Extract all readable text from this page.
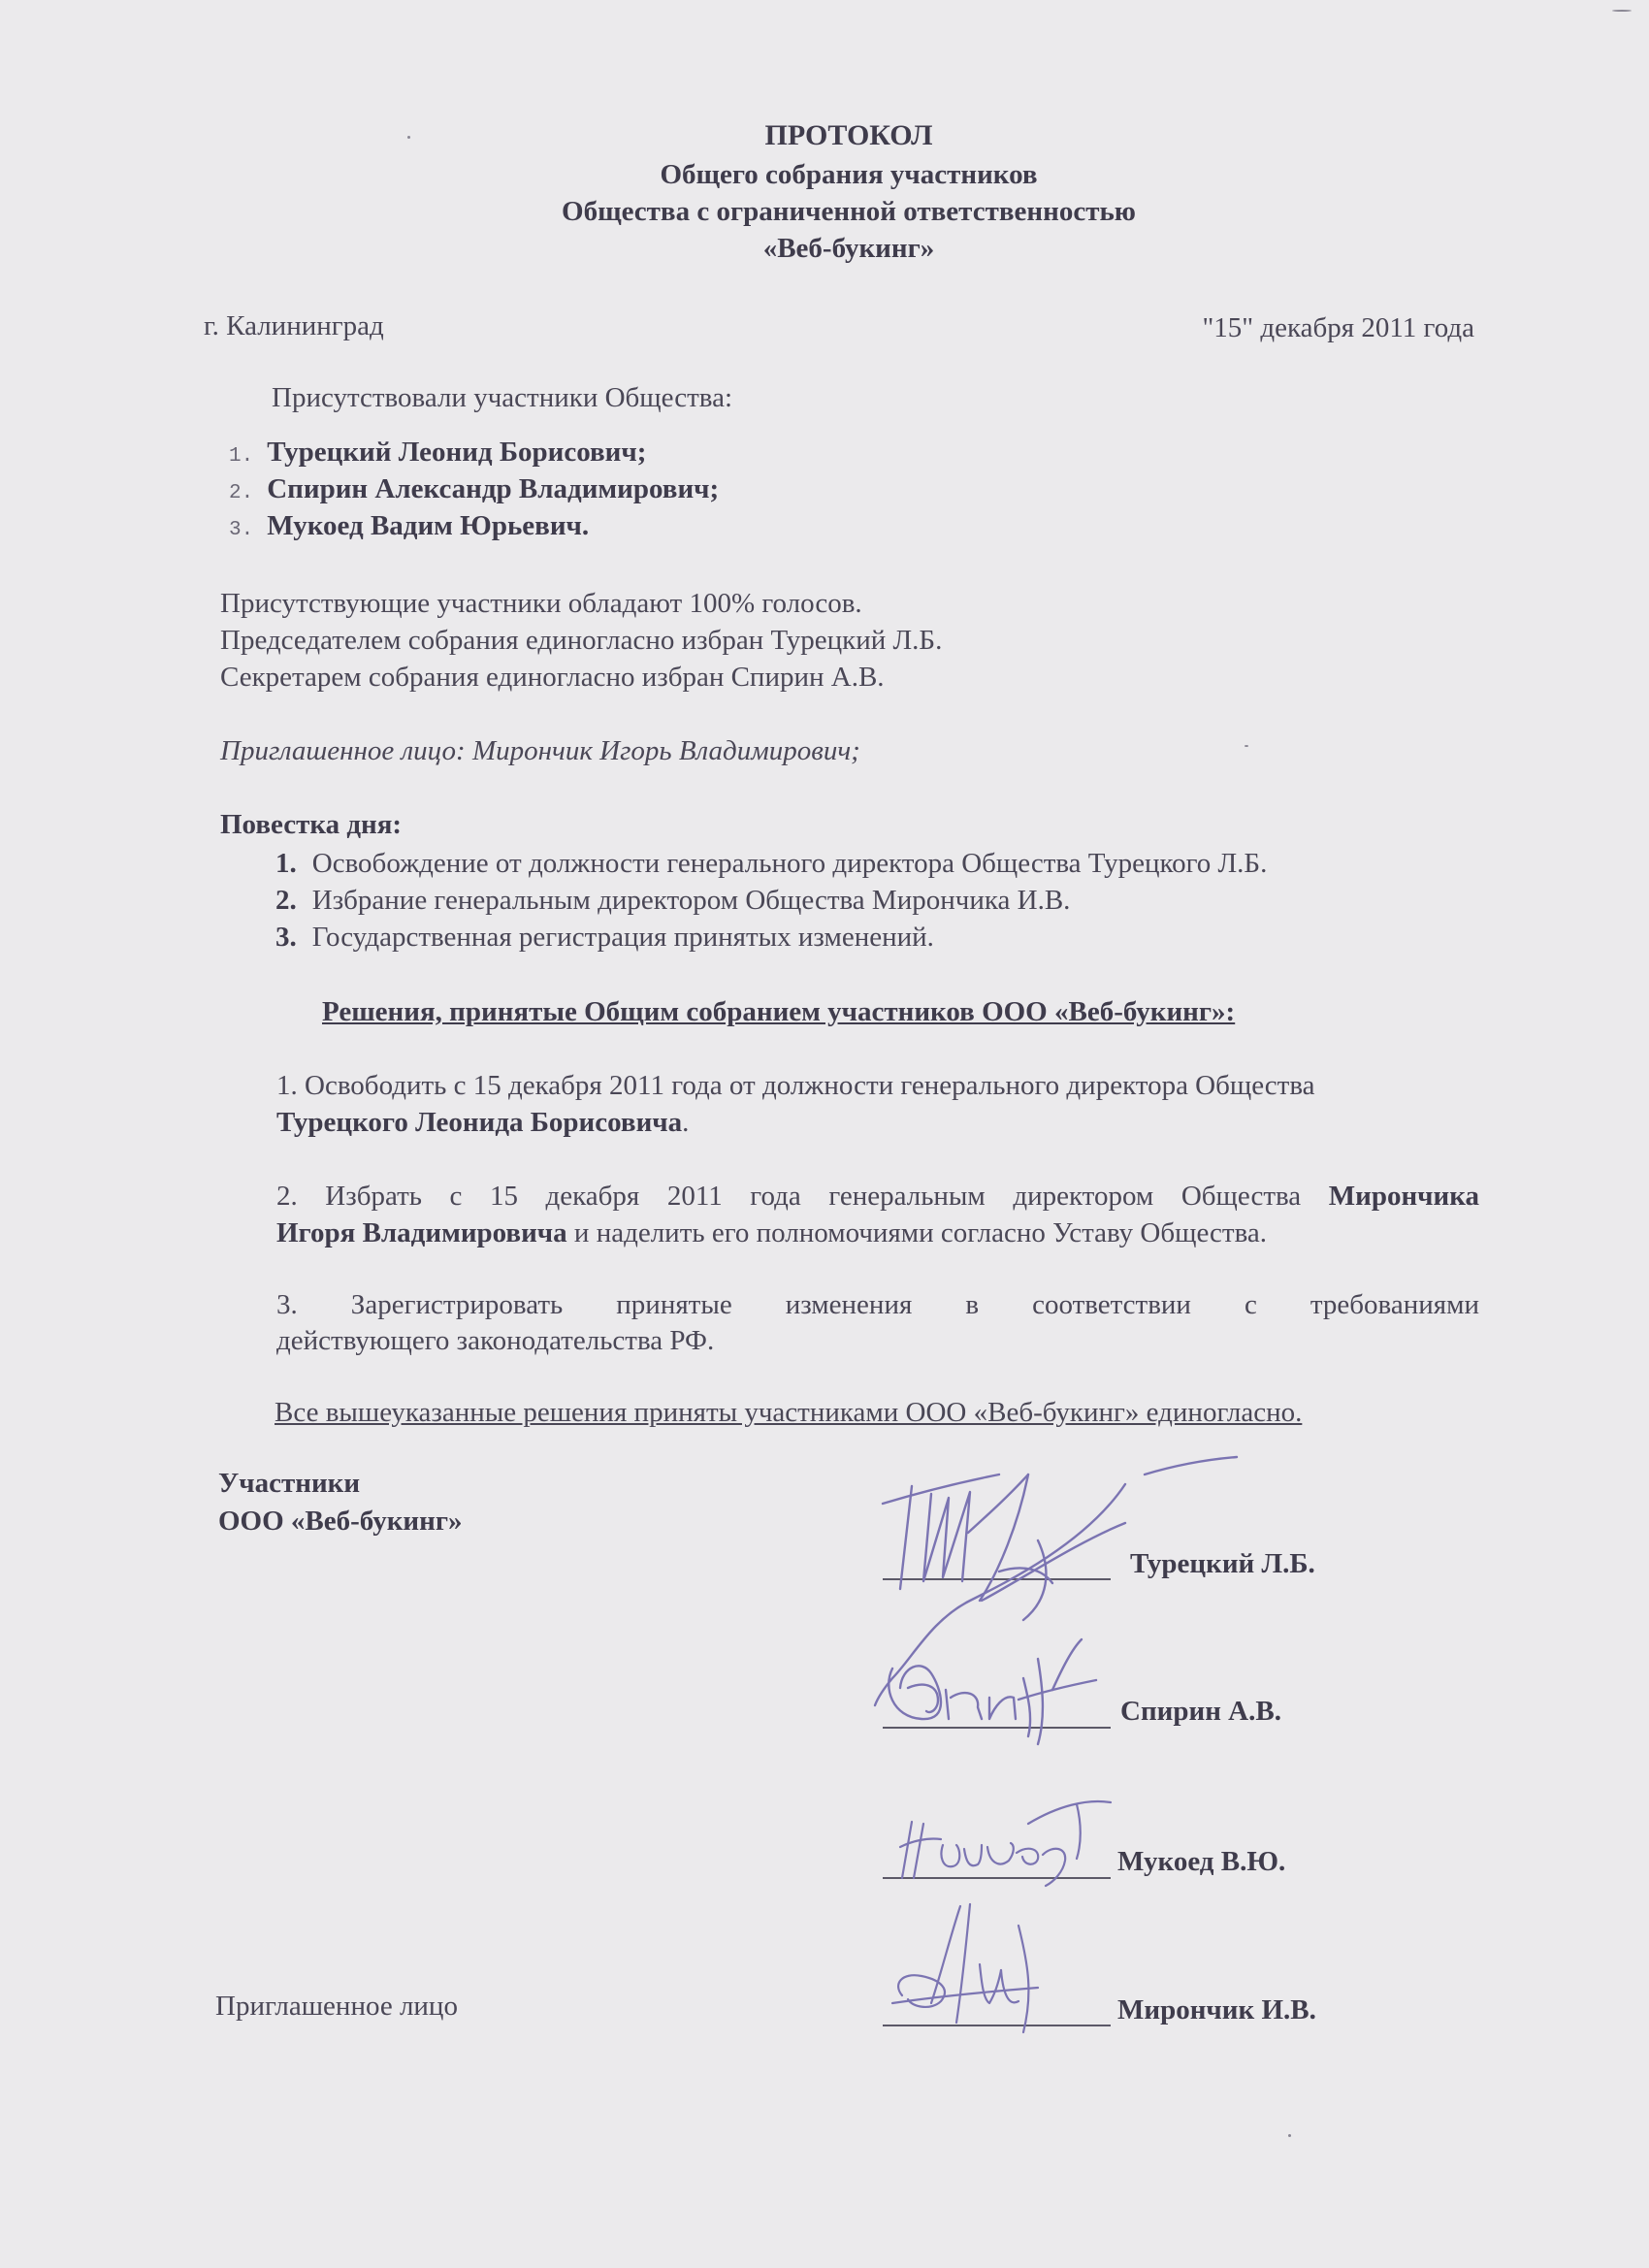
ПРОТОКОЛ
Общего собрания участников
Общества с ограниченной ответственностью
«Веб-букинг»
г. Калининград	"15" декабря 2011 года
Присутствовали участники Общества:
1. Турецкий Леонид Борисович;
2. Спирин Александр Владимирович;
3. Мукоед Вадим Юрьевич.
Присутствующие участники обладают 100% голосов.
Председателем собрания единогласно избран Турецкий Л.Б.
Секретарем собрания единогласно избран Спирин А.В.
Приглашенное лицо: Мирончик Игорь Владимирович;
Повестка дня:
1. Освобождение от должности генерального директора Общества Турецкого Л.Б.
2. Избрание генеральным директором Общества Мирончика И.В.
3. Государственная регистрация принятых изменений.
Решения, принятые Общим собранием участников ООО «Веб-букинг»:
1. Освободить с 15 декабря 2011 года от должности генерального директора Общества
Турецкого Леонида Борисовича.
2. Избрать с 15 декабря 2011 года генеральным директором Общества Мирончика
Игоря Владимировича и наделить его полномочиями согласно Уставу Общества.
3. Зарегистрировать принятые изменения в соответствии с требованиями
действующего законодательства РФ.
Все вышеуказанные решения приняты участниками ООО «Веб-букинг» единогласно.
Участники
ООО «Веб-букинг»
Турецкий Л.Б.
Спирин А.В.
Мукоед В.Ю.
Приглашенное лицо	Мирончик И.В.
